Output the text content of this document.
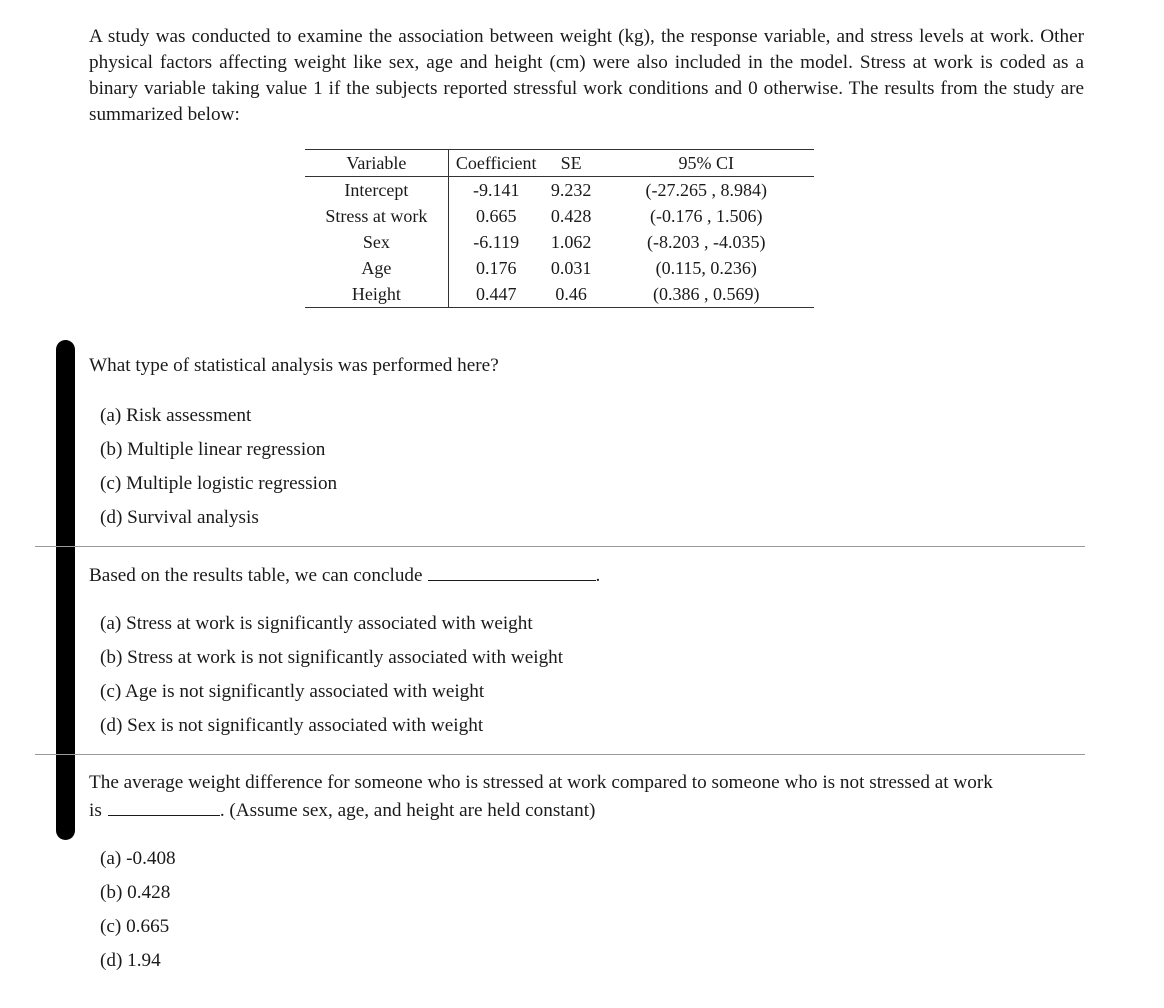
A study was conducted to examine the association between weight (kg), the response variable, and stress levels at work. Other physical factors affecting weight like sex, age and height (cm) were also included in the model. Stress at work is coded as a binary variable taking value 1 if the subjects reported stressful work conditions and 0 otherwise. The results from the study are summarized below:

Variable	Coefficient	SE	95% CI
Intercept	-9.141	9.232	(-27.265 , 8.984)
Stress at work	0.665	0.428	(-0.176 , 1.506)
Sex	-6.119	1.062	(-8.203 , -4.035)
Age	0.176	0.031	(0.115, 0.236)
Height	0.447	0.46	(0.386 , 0.569)

What type of statistical analysis was performed here?

(a) Risk assessment
(b) Multiple linear regression
(c) Multiple logistic regression
(d) Survival analysis

Based on the results table, we can conclude	.

(a) Stress at work is significantly associated with weight
(b) Stress at work is not significantly associated with weight
(c) Age is not significantly associated with weight
(d) Sex is not significantly associated with weight

The average weight difference for someone who is stressed at work compared to someone who is not stressed at work

is	. (Assume sex, age, and height are held constant)

(a) -0.408
(b) 0.428
(c) 0.665
(d) 1.94
